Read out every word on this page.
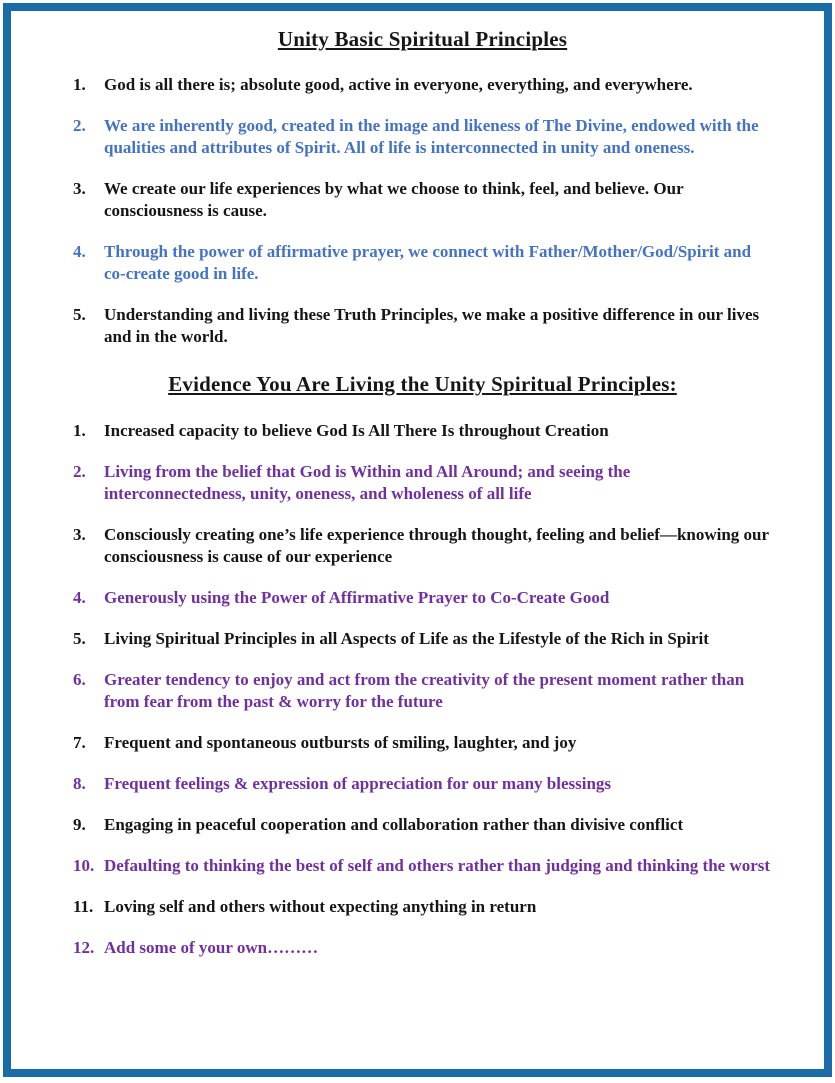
Unity Basic Spiritual Principles
1.	God is all there is; absolute good, active in everyone, everything, and everywhere.
2.	We are inherently good, created in the image and likeness of The Divine, endowed with the qualities and attributes of Spirit. All of life is interconnected in unity and oneness.
3.	We create our life experiences by what we choose to think, feel, and believe. Our consciousness is cause.
4.	Through the power of affirmative prayer, we connect with Father/Mother/God/Spirit and co-create good in life.
5.	Understanding and living these Truth Principles, we make a positive difference in our lives and in the world.
Evidence You Are Living the Unity Spiritual Principles:
1.	Increased capacity to believe God Is All There Is throughout Creation
2.	Living from the belief that God is Within and All Around; and seeing the interconnectedness, unity, oneness, and wholeness of all life
3.	Consciously creating one’s life experience through thought, feeling and belief—knowing our consciousness is cause of our experience
4.	Generously using the Power of Affirmative Prayer to Co-Create Good
5.	Living Spiritual Principles in all Aspects of Life as the Lifestyle of the Rich in Spirit
6.	Greater tendency to enjoy and act from the creativity of the present moment rather than from fear from the past & worry for the future
7.	Frequent and spontaneous outbursts of smiling, laughter, and joy
8.	Frequent feelings & expression of appreciation for our many blessings
9.	Engaging in peaceful cooperation and collaboration rather than divisive conflict
10. Defaulting to thinking the best of self and others rather than judging and thinking the worst
11. Loving self and others without expecting anything in return
12. Add some of your own………
